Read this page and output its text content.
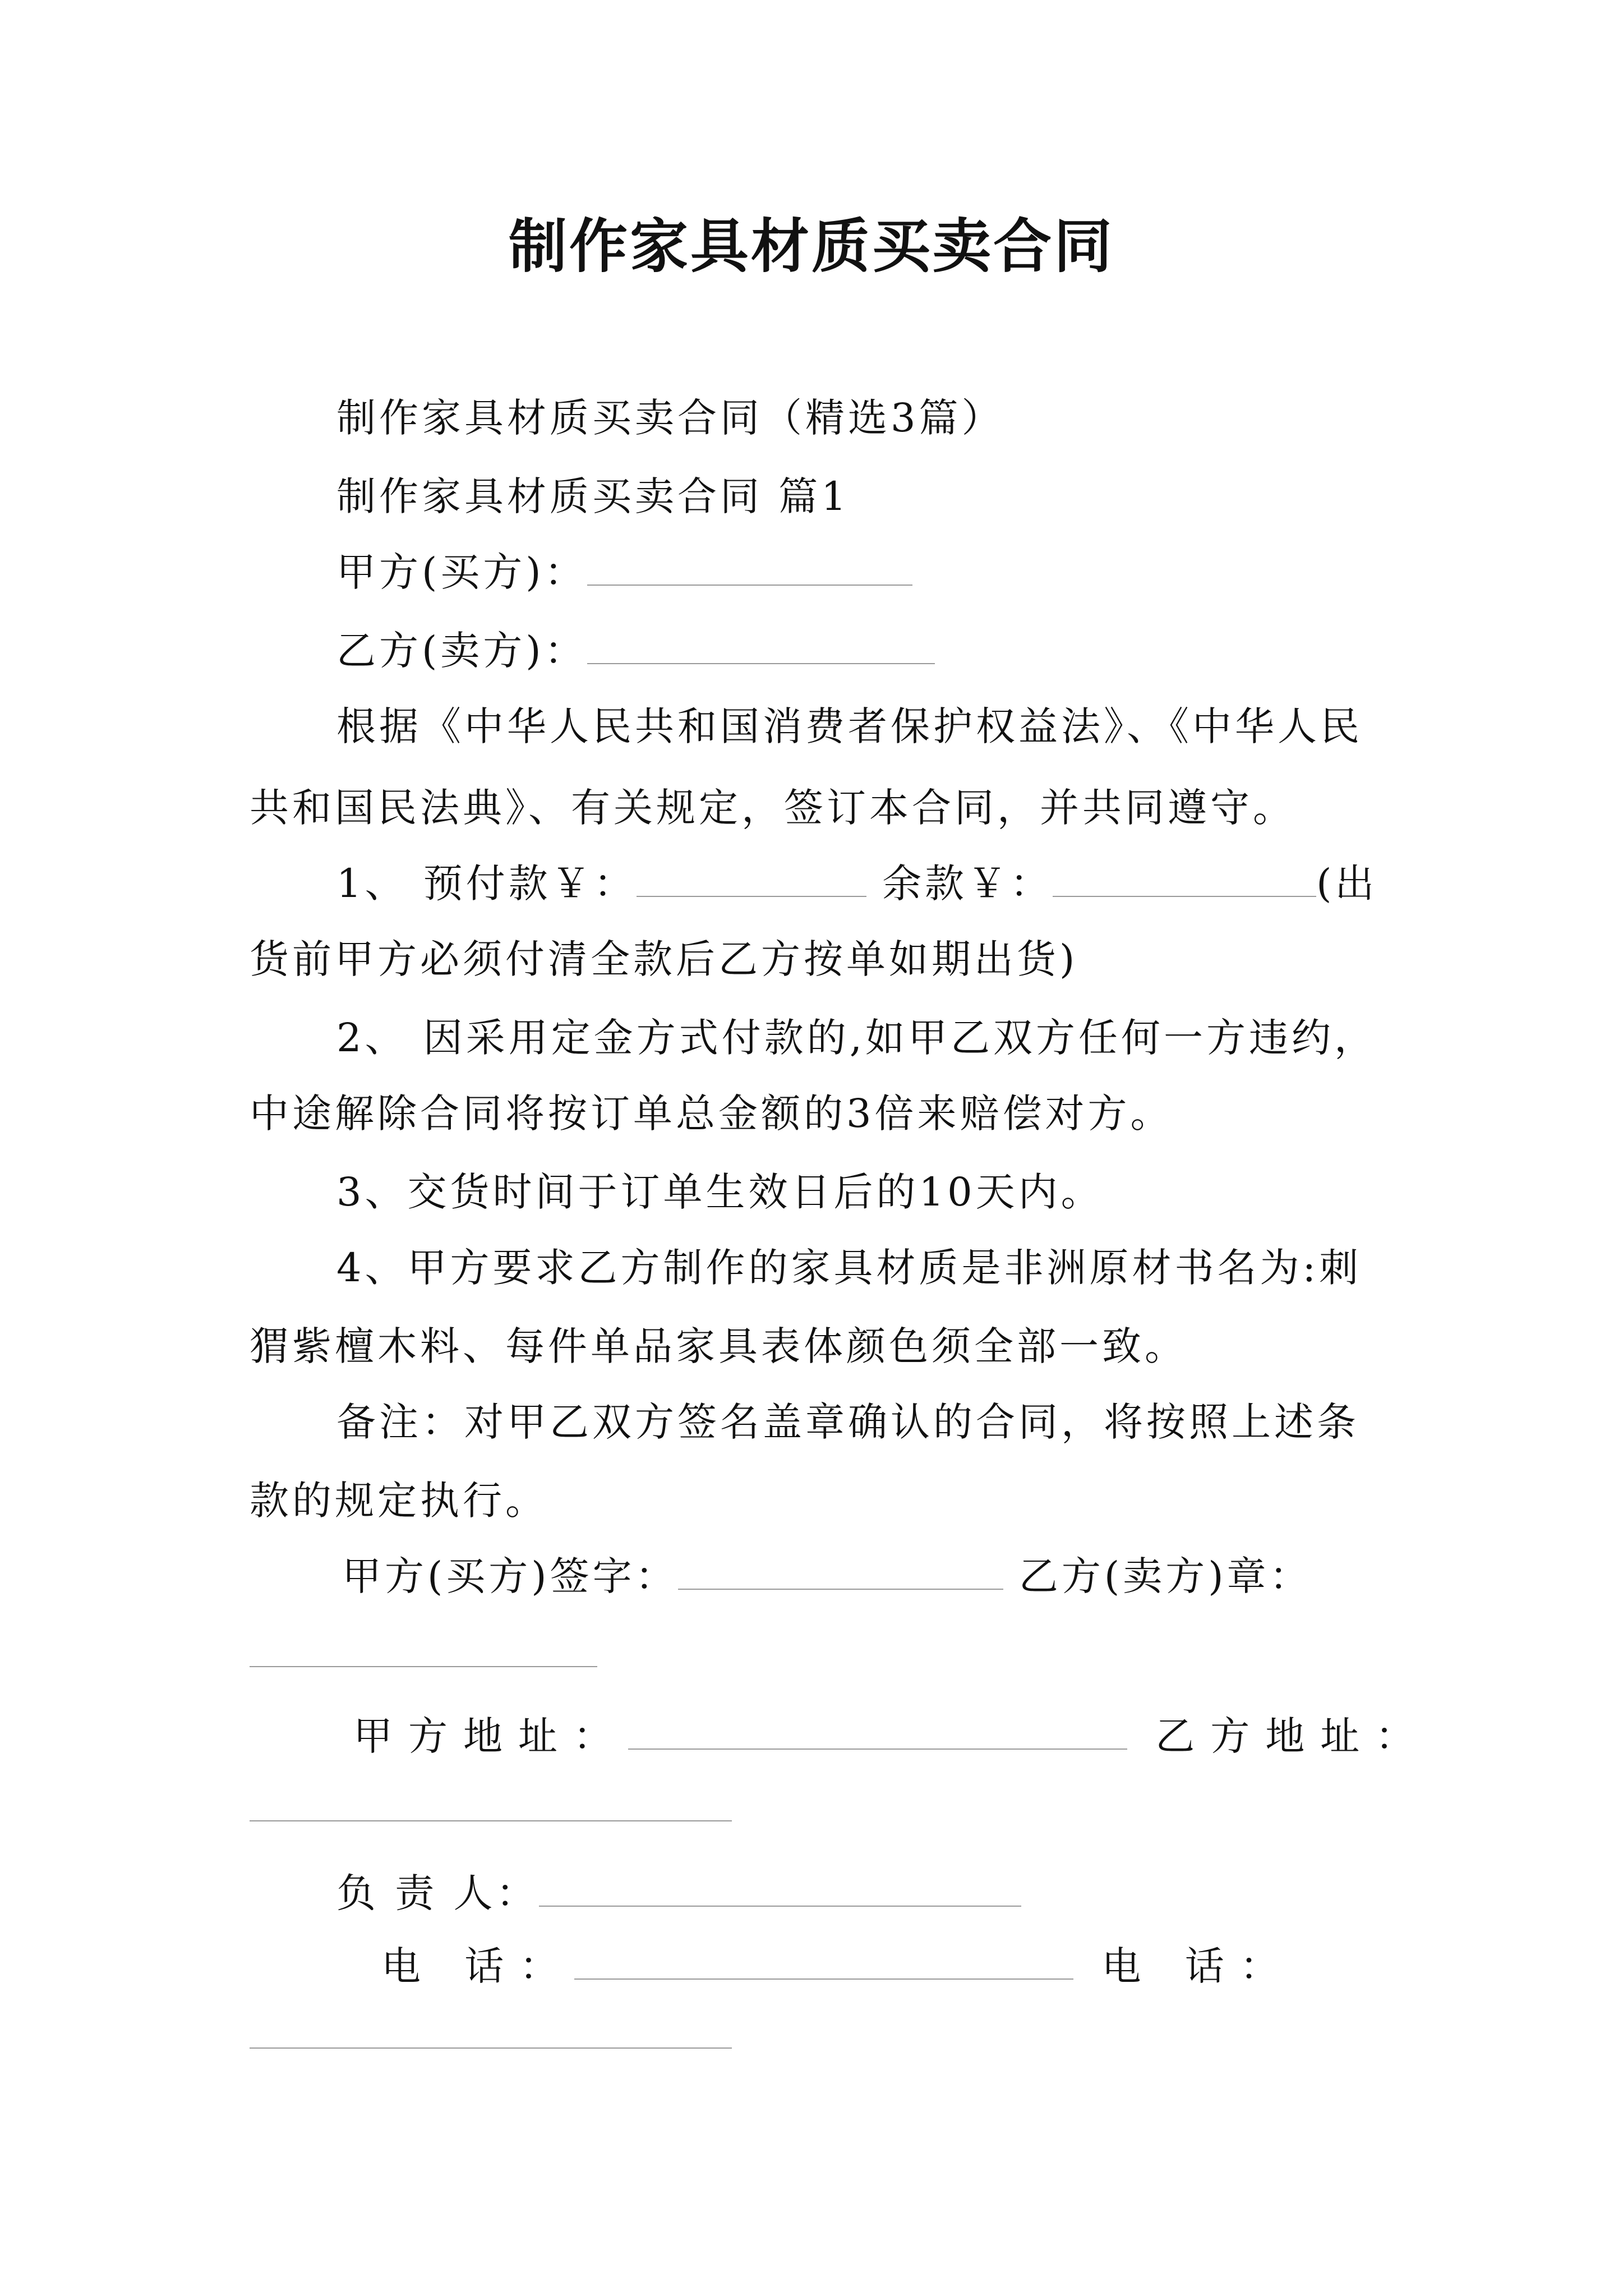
制作家具材质买卖合同
制作家具材质买卖合同（精选3篇）
制作家具材质买卖合同 篇1
甲方(买方)：
乙方(卖方)：
根据《中华人民共和国消费者保护权益法》、《中华人民
共和国民法典》、有关规定，签订本合同，并共同遵守。
1、 预付款￥：	余款￥：	(出
货前甲方必须付清全款后乙方按单如期出货)
2、 因采用定金方式付款的,如甲乙双方任何一方违约，
中途解除合同将按订单总金额的3倍来赔偿对方。
3、交货时间于订单生效日后的10天内。
4、甲方要求乙方制作的家具材质是非洲原材书名为:刺
猬紫檀木料、每件单品家具表体颜色须全部一致。
备注：对甲乙双方签名盖章确认的合同，将按照上述条
款的规定执行。
甲方(买方)签字：	乙方(卖方)章：
甲方地址：	乙方地址：
负 责 人：
电 话：	电 话：
